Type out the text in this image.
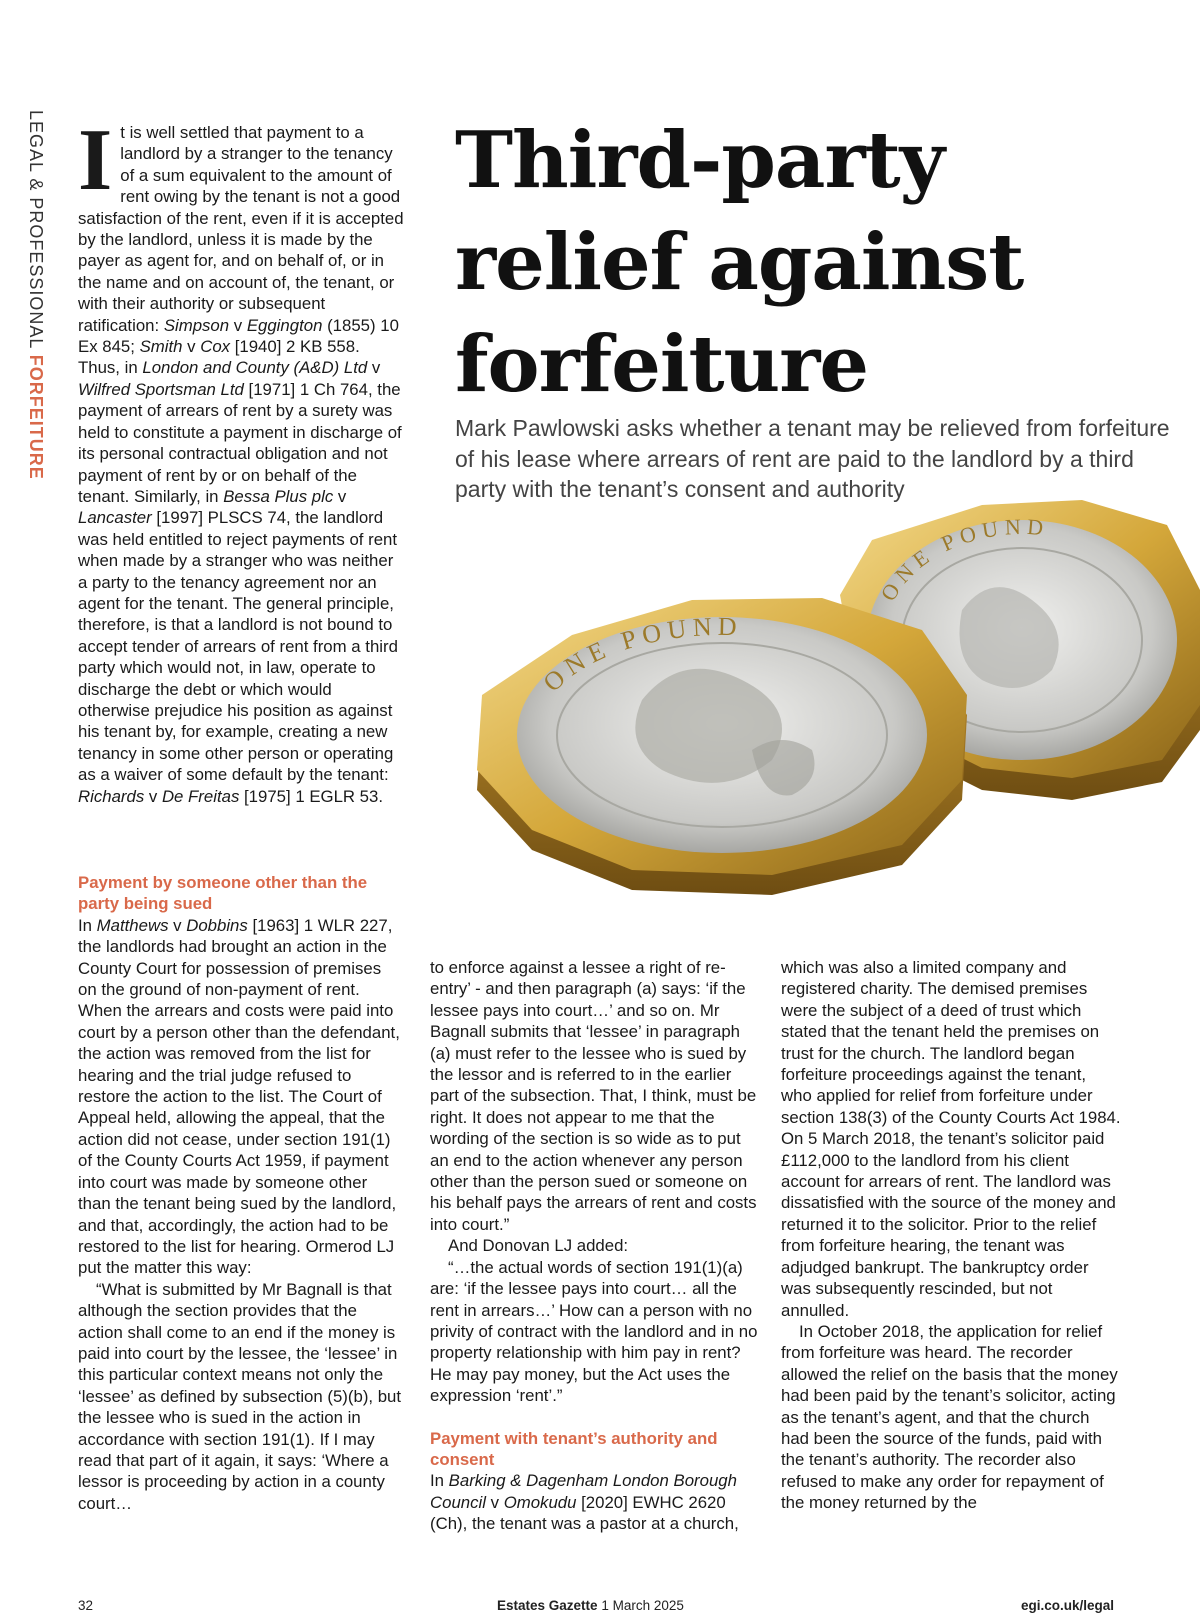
LEGAL & PROFESSIONAL FORFEITURE
Third-party
relief against
forfeiture
Mark Pawlowski asks whether a tenant may be relieved from forfeiture of his lease where arrears of rent are paid to the landlord by a third party with the tenant’s consent and authority
ONE POUND
ONE POUND

It is well settled that payment to a landlord by a stranger to the tenancy of a sum equivalent to the amount of rent owing by the tenant is not a good satisfaction of the rent, even if it is accepted by the landlord, unless it is made by the payer as agent for, and on behalf of, or in the name and on account of, the tenant, or with their authority or subsequent ratification: Simpson v Eggington (1855) 10 Ex 845; Smith v Cox [1940] 2 KB 558. Thus, in London and County (A&D) Ltd v Wilfred Sportsman Ltd [1971] 1 Ch 764, the payment of arrears of rent by a surety was held to constitute a payment in discharge of its personal contractual obligation and not payment of rent by or on behalf of the tenant. Similarly, in Bessa Plus plc v Lancaster [1997] PLSCS 74, the landlord was held entitled to reject payments of rent when made by a stranger who was neither a party to the tenancy agreement nor an agent for the tenant. The general principle, therefore, is that a landlord is not bound to accept tender of arrears of rent from a third party which would not, in law, operate to discharge the debt or which would otherwise prejudice his position as against his tenant by, for example, creating a new tenancy in some other person or operating as a waiver of some default by the tenant: Richards v De Freitas [1975] 1 EGLR 53.

Payment by someone other than the party being sued

In Matthews v Dobbins [1963] 1 WLR 227, the landlords had brought an action in the County Court for possession of premises on the ground of non-payment of rent. When the arrears and costs were paid into court by a person other than the defendant, the action was removed from the list for hearing and the trial judge refused to restore the action to the list. The Court of Appeal held, allowing the appeal, that the action did not cease, under section 191(1) of the County Courts Act 1959, if payment into court was made by someone other than the tenant being sued by the landlord, and that, accordingly, the action had to be restored to the list for hearing. Ormerod LJ put the matter this way:

“What is submitted by Mr Bagnall is that although the section provides that the action shall come to an end if the money is paid into court by the lessee, the ‘lessee’ in this particular context means not only the ‘lessee’ as defined by subsection (5)(b), but the lessee who is sued in the action in accordance with section 191(1). If I may read that part of it again, it says: ‘Where a lessor is proceeding by action in a county court…

to enforce against a lessee a right of re-entry’ - and then paragraph (a) says: ‘if the lessee pays into court…’ and so on. Mr Bagnall submits that ‘lessee’ in paragraph (a) must refer to the lessee who is sued by the lessor and is referred to in the earlier part of the subsection. That, I think, must be right. It does not appear to me that the wording of the section is so wide as to put an end to the action whenever any person other than the person sued or someone on his behalf pays the arrears of rent and costs into court.”

And Donovan LJ added:

“…the actual words of section 191(1)(a) are: ‘if the lessee pays into court… all the rent in arrears…’ How can a person with no privity of contract with the landlord and in no property relationship with him pay in rent? He may pay money, but the Act uses the expression ‘rent’.”

Payment with tenant’s authority and consent

In Barking & Dagenham London Borough Council v Omokudu [2020] EWHC 2620 (Ch), the tenant was a pastor at a church,

which was also a limited company and registered charity. The demised premises were the subject of a deed of trust which stated that the tenant held the premises on trust for the church. The landlord began forfeiture proceedings against the tenant, who applied for relief from forfeiture under section 138(3) of the County Courts Act 1984. On 5 March 2018, the tenant’s solicitor paid £112,000 to the landlord from his client account for arrears of rent. The landlord was dissatisfied with the source of the money and returned it to the solicitor. Prior to the relief from forfeiture hearing, the tenant was adjudged bankrupt. The bankruptcy order was subsequently rescinded, but not annulled.

In October 2018, the application for relief from forfeiture was heard. The recorder allowed the relief on the basis that the money had been paid by the tenant’s solicitor, acting as the tenant’s agent, and that the church had been the source of the funds, paid with the tenant’s authority. The recorder also refused to make any order for repayment of the money returned by the

32	Estates Gazette 1 March 2025	egi.co.uk/legal
